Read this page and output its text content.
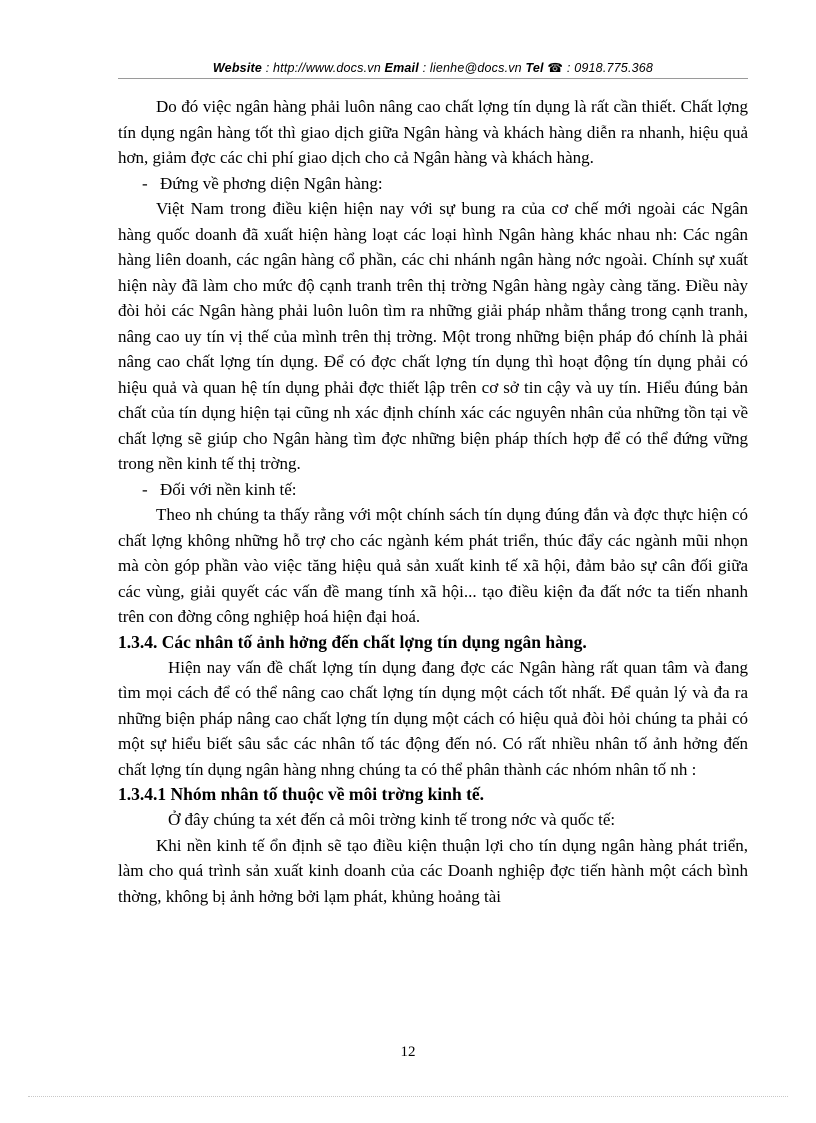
Website : http://www.docs.vn Email : lienhe@docs.vn Tel ☎ : 0918.775.368

Do đó việc ngân hàng phải luôn nâng cao chất lợng tín dụng là rất cần thiết. Chất lợng tín dụng ngân hàng tốt thì giao dịch giữa Ngân hàng và khách hàng diễn ra nhanh, hiệu quả hơn, giảm đợc các chi phí giao dịch cho cả Ngân hàng và khách hàng.

- Đứng về phơng diện Ngân hàng:

Việt Nam trong điều kiện hiện nay với sự bung ra của cơ chế mới ngoài các Ngân hàng quốc doanh đã xuất hiện hàng loạt các loại hình Ngân hàng khác nhau nh: Các ngân hàng liên doanh, các ngân hàng cổ phần, các chi nhánh ngân hàng nớc ngoài. Chính sự xuất hiện này đã làm cho mức độ cạnh tranh trên thị trờng Ngân hàng ngày càng tăng. Điều này đòi hỏi các Ngân hàng phải luôn luôn tìm ra những giải pháp nhằm thắng trong cạnh tranh, nâng cao uy tín vị thế của mình trên thị trờng. Một trong những biện pháp đó chính là phải nâng cao chất lợng tín dụng. Để có đợc chất lợng tín dụng thì hoạt động tín dụng phải có hiệu quả và quan hệ tín dụng phải đợc thiết lập trên cơ sở tin cậy và uy tín. Hiểu đúng bản chất của tín dụng hiện tại cũng nh xác định chính xác các nguyên nhân của những tồn tại về chất lợng sẽ giúp cho Ngân hàng tìm đợc những biện pháp thích hợp để có thể đứng vững trong nền kinh tế thị trờng.

- Đối với nền kinh tế:

Theo nh chúng ta thấy rằng với một chính sách tín dụng đúng đắn và đợc thực hiện có chất lợng không những hỗ trợ cho các ngành kém phát triển, thúc đẩy các ngành mũi nhọn mà còn góp phần vào việc tăng hiệu quả sản xuất kinh tế xã hội, đảm bảo sự cân đối giữa các vùng, giải quyết các vấn đề mang tính xã hội... tạo điều kiện đa đất nớc ta tiến nhanh trên con đờng công nghiệp hoá hiện đại hoá.

1.3.4. Các nhân tố ảnh hởng đến chất lợng tín dụng ngân hàng.

Hiện nay vấn đề chất lợng tín dụng đang đợc các Ngân hàng rất quan tâm và đang tìm mọi cách để có thể nâng cao chất lợng tín dụng một cách tốt nhất. Để quản lý và đa ra những biện pháp nâng cao chất lợng tín dụng một cách có hiệu quả đòi hỏi chúng ta phải có một sự hiểu biết sâu sắc các nhân tố tác động đến nó. Có rất nhiều nhân tố ảnh hởng đến chất lợng tín dụng ngân hàng nhng chúng ta có thể phân thành các nhóm nhân tố nh :

1.3.4.1 Nhóm nhân tố thuộc về môi trờng kinh tế.

Ở đây chúng ta xét đến cả môi trờng kinh tế trong nớc và quốc tế:

Khi nền kinh tế ổn định sẽ tạo điều kiện thuận lợi cho tín dụng ngân hàng phát triển, làm cho quá trình sản xuất kinh doanh của các Doanh nghiệp đợc tiến hành một cách bình thờng, không bị ảnh hởng bởi lạm phát, khủng hoảng tài

12
